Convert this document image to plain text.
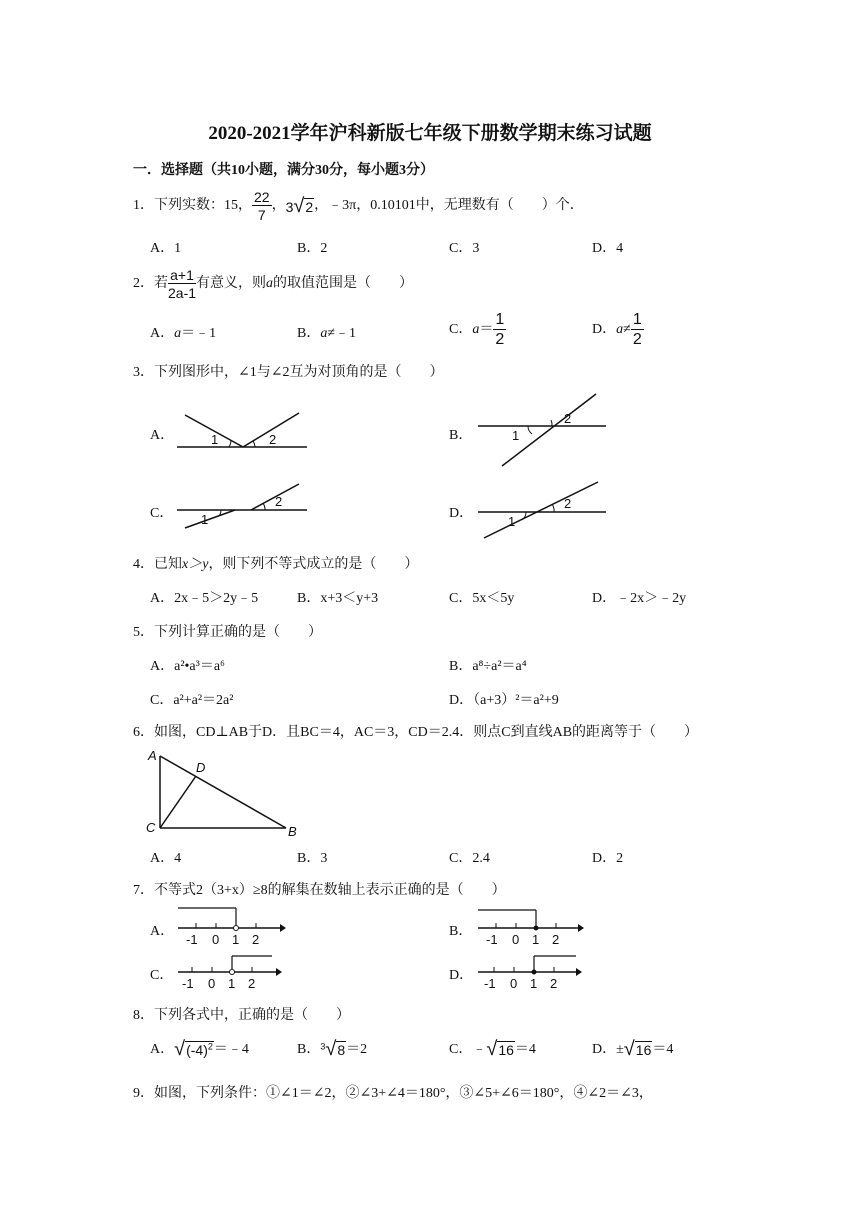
2020-2021学年沪科新版七年级下册数学期末练习试题
一．选择题（共10小题，满分30分，每小题3分）
1．下列实数：15， $\frac{22}{7}$ ，3√2，﹣3π，0.10101中，无理数有（　　）个．
A．1	B．2	C．3	D．4
2．若 $\frac{a+1}{2a-1}$ 有意义，则a的取值范围是（　　）
A．a＝﹣1	B．a≠﹣1	C．$a= \frac{1}{2}$	D．$a\ne \frac{1}{2}$
3．下列图形中，∠1与∠2互为对顶角的是（　　）
A．	1	2	B．	1
2
C． 1
2
D．
1
2
4．已知x＞y，则下列不等式成立的是（　　）
A．2x﹣5＞2y﹣5	B．x+3＜y+3	C．5x＜5y	D．﹣2x＞﹣2y
5．下列计算正确的是（　　）
A．a²•a³＝a⁶	B．a⁸÷a²＝a⁴
C．a²+a²＝2a²	D．（a+3）²＝a²+9
6．如图，CD⊥AB于D．且BC＝4，AC＝3，CD＝2.4．则点C到直线AB的距离等于（　　）
A
D
C	B
A．4	B．3	C．2.4	D．2
7．不等式2（3+x）≥8的解集在数轴上表示正确的是（　　）
A．
-1 0 1 2
B．
-1 0 1 2
C．
-1 0 1 2
D．
-1 0 1 2
8．下列各式中，正确的是（　　）
A．$√(-4)^2=﹣4$	B．$^3$√8＝2	C．﹣√16＝4	D．±√16＝4
9．如图，下列条件：①∠1＝∠2，②∠3+∠4＝180°，③∠5+∠6＝180°，④∠2＝∠3，
